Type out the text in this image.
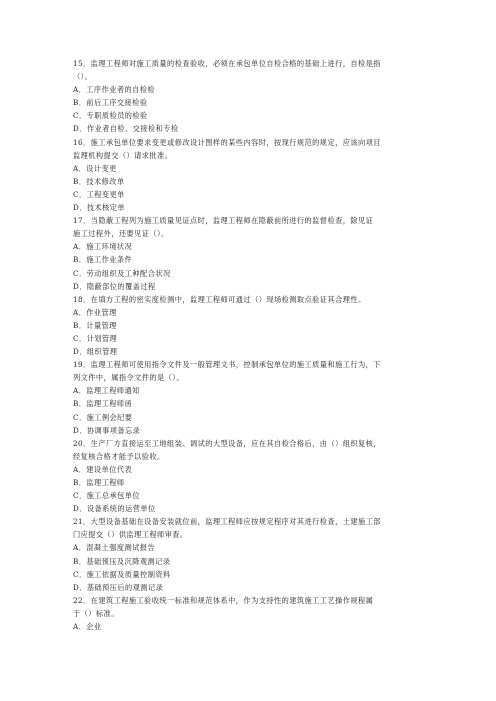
15．监理工程师对施工质量的检查验收，必须在承包单位自检合格的基础上进行，自检是指
（）。
A．工序作业者的自检检
B．前后工序交接检验
C．专职质检员的检验
D．作业者自检、交接检和专检
16．施工承包单位要求变更或修改设计图样的某些内容时，按现行规范的规定，应该向项目
监理机构提交（）请求批准。
A．设计变更
B．技术修改单
C．工程变更单
D．技术核定单
17．当隐蔽工程列为施工质量见证点时，监理工程师在隐蔽前所进行的监督检查，除见证
施工过程外，还要见证（）。
A．施工环境状况
B．施工作业条件
C．劳动组织及工种配合状况
D．隐蔽部位的覆盖过程
18．在填方工程的密实度检测中，监理工程师可通过（）现场检测取点验证其合理性。
A．作业管理
B．计量管理
C．计划管理
D．组织管理
19．监理工程师可使用指令文件及一般管理文书，控制承包单位的施工质量和施工行为，下
列文件中，属指令文件的是（）。
A．监理工程师通知
B．监理工程师函
C．施工例会纪要
D．协调事项备忘录
20．生产厂方直接运至工地组装、调试的大型设备，应在其自检合格后，由（）组织复核，
经复核合格才能予以验收。
A．建设单位代表
B．监理工程师
C．施工总承包单位
D．设备系统的运营单位
21．大型设备基础在设备安装就位前，监理工程师应按规定程序对其进行检查，土建施工部
门应提交（）供监理工程师审查。
A．混凝土强度测试报告
B．基础预压及沉降观测记录
C．施工依据及质量控制资料
D．基础预压后的观测记录
22．在建筑工程施工验收统一标准和规范体系中，作为支持性的建筑施工工艺操作规程属
于（）标准。
A．企业
